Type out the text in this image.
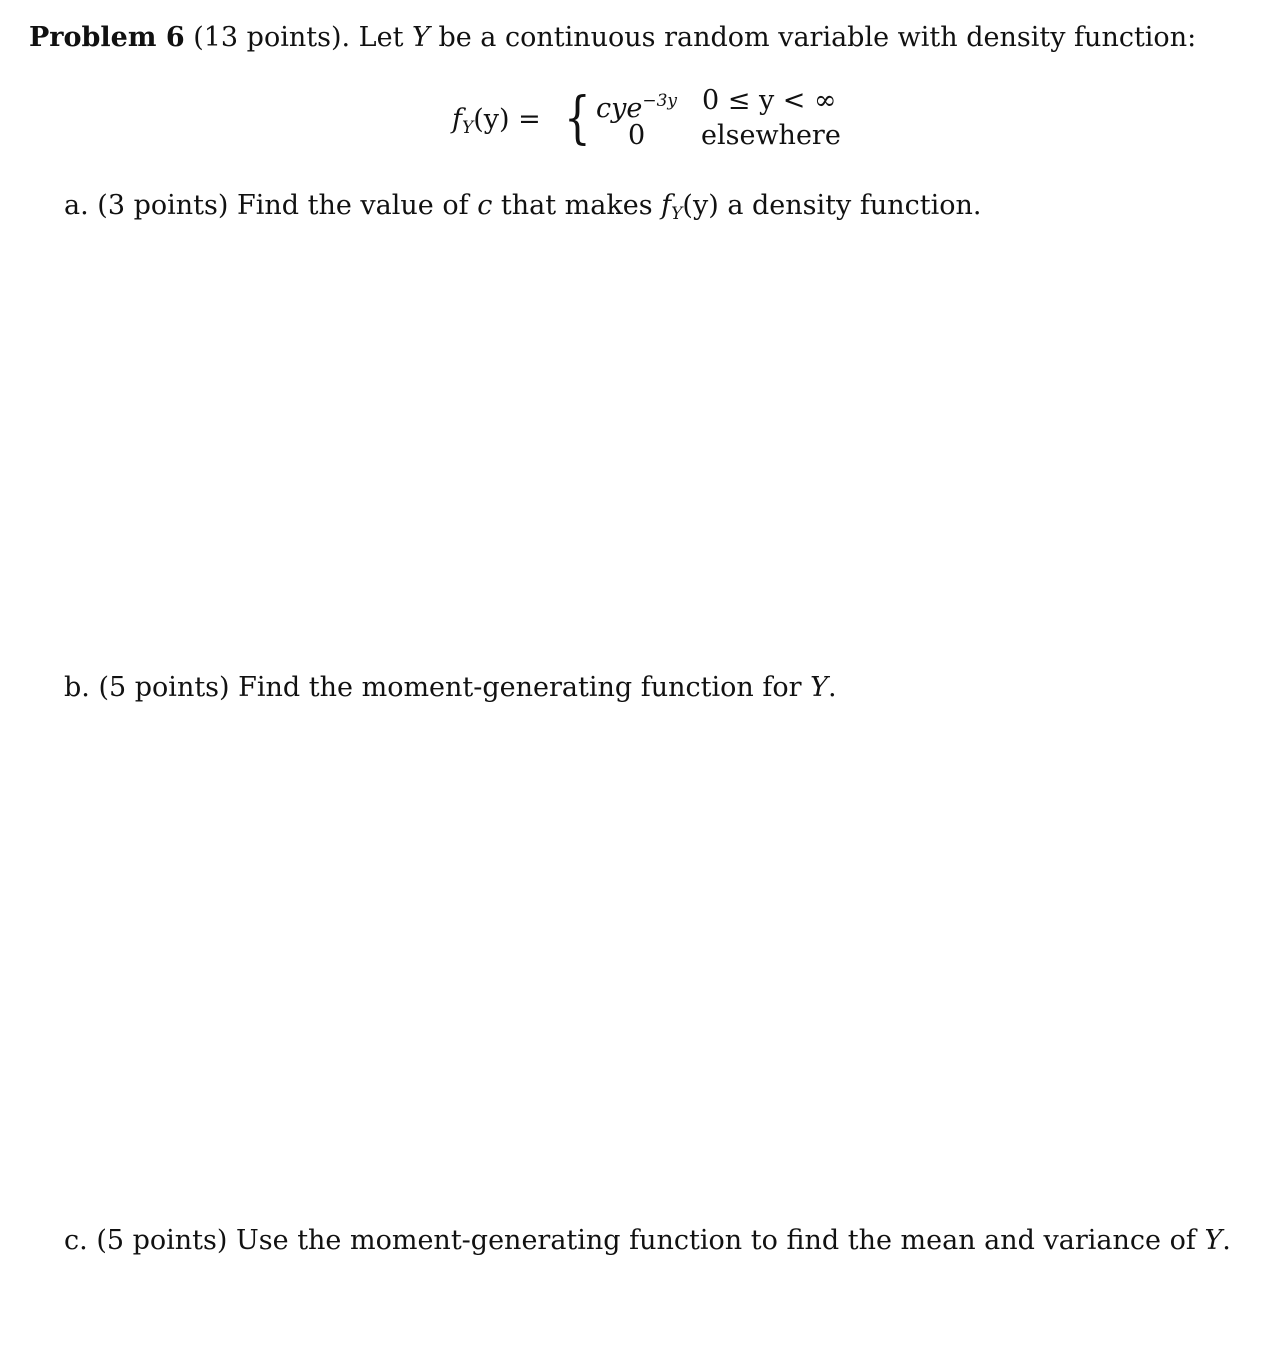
Problem 6 (13 points). Let Y be a continuous random variable with density function:
$f_Y(y)$ = { cye$^{-3y}$ 0 ≤ y < ∞
0 elsewhere
a. (3 points) Find the value of c that makes $f_Y(y)$ a density function.
b. (5 points) Find the moment-generating function for Y.
c. (5 points) Use the moment-generating function to find the mean and variance of Y.
